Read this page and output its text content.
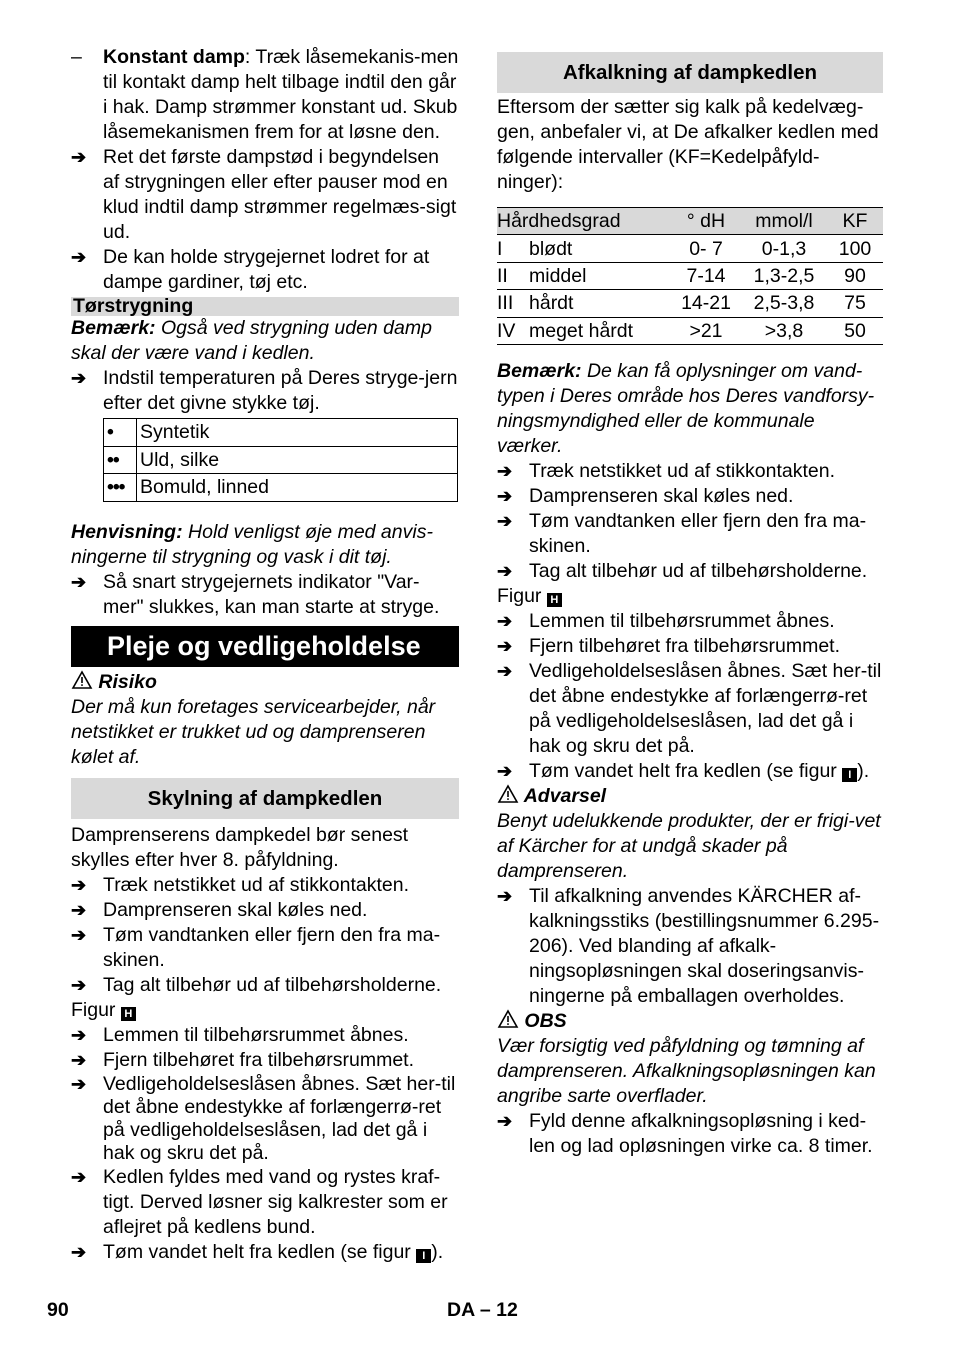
–	Konstant damp: Træk låsemekanis-men til kontakt damp helt tilbage indtil den går i hak. Damp strømmer konstant ud. Skub låsemekanismen frem for at løsne den.
➔ Ret det første dampstød i begyndelsen af strygningen eller efter pauser mod en klud indtil damp strømmer regelmæs-sigt ud.
➔ De kan holde strygejernet lodret for at dampe gardiner, tøj etc.
Tørstrygning

Bemærk: Også ved strygning uden damp skal der være vand i kedlen.

➔ Indstil temperaturen på Deres stryge-jern efter det givne stykke tøj.
•	Syntetik
••	Uld, silke
•••	Bomuld, linned

Henvisning: Hold venligst øje med anvis-ningerne til strygning og vask i dit tøj.

➔ Så snart strygejernets indikator "Var-mer" slukkes, kan man starte at stryge.
Pleje og vedligeholdelse

Risiko

Der må kun foretages servicearbejder, når netstikket er trukket ud og damprenseren kølet af.

Skylning af dampkedlen

Damprenserens dampkedel bør senest skylles efter hver 8. påfyldning.

➔ Træk netstikket ud af stikkontakten.
➔ Damprenseren skal køles ned.
➔ Tøm vandtanken eller fjern den fra ma-skinen.
➔ Tag alt tilbehør ud af tilbehørsholderne.

Figur H

➔ Lemmen til tilbehørsrummet åbnes.
➔ Fjern tilbehøret fra tilbehørsrummet.
➔ Vedligeholdelseslåsen åbnes. Sæt her-til det åbne endestykke af forlængerrø-ret på vedligeholdelseslåsen, lad det gå i hak og skru det på.
➔ Kedlen fyldes med vand og rystes kraf-tigt. Derved løsner sig kalkrester som er aflejret på kedlens bund.
➔ Tøm vandet helt fra kedlen (se figur I ).
Afkalkning af dampkedlen

Eftersom der sætter sig kalk på kedelvæg-gen, anbefaler vi, at De afkalker kedlen med følgende intervaller (KF=Kedelpåfyld-ninger):

Hårdhedsgrad		° dH	mmol/l	KF
I	blødt	0- 7	0-1,3	100
II	middel	7-14	1,3-2,5	90
III	hårdt	14-21	2,5-3,8	75
IV	meget hårdt	>21	>3,8	50

Bemærk: De kan få oplysninger om vand-typen i Deres område hos Deres vandforsy-ningsmyndighed eller de kommunale værker.

➔ Træk netstikket ud af stikkontakten.
➔ Damprenseren skal køles ned.
➔ Tøm vandtanken eller fjern den fra ma-skinen.
➔ Tag alt tilbehør ud af tilbehørsholderne.

Figur H

➔ Lemmen til tilbehørsrummet åbnes.
➔ Fjern tilbehøret fra tilbehørsrummet.
➔ Vedligeholdelseslåsen åbnes. Sæt her-til det åbne endestykke af forlængerrø-ret på vedligeholdelseslåsen, lad det gå i hak og skru det på.
➔ Tøm vandet helt fra kedlen (se figur I ).

Advarsel

Benyt udelukkende produkter, der er frigi-vet af Kärcher for at undgå skader på damprenseren.

➔ Til afkalkning anvendes KÄRCHER af-kalkningsstiks (bestillingsnummer 6.295-206). Ved blanding af afkalk-ningsopløsningen skal doseringsanvis-ningerne på emballagen overholdes.

OBS

Vær forsigtig ved påfyldning og tømning af damprenseren. Afkalkningsopløsningen kan angribe sarte overflader.

➔ Fyld denne afkalkningsopløsning i ked-len og lad opløsningen virke ca. 8 timer.
90	DA – 12
